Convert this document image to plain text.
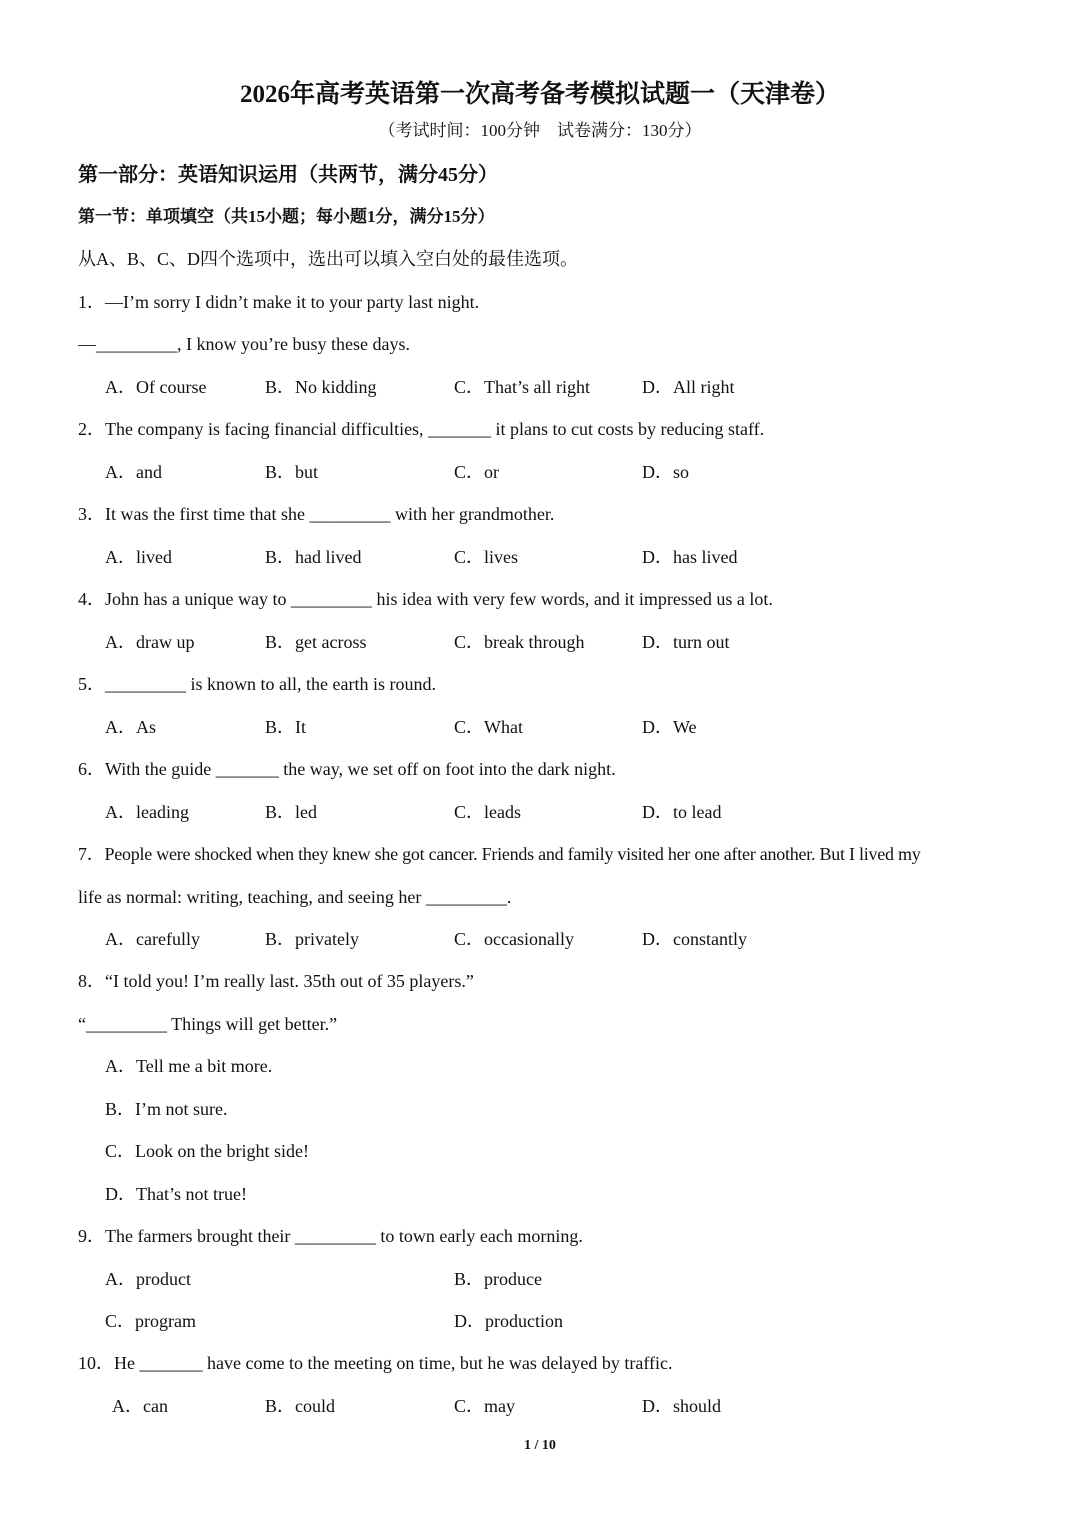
2026年高考英语第一次高考备考模拟试题一（天津卷）
（考试时间：100分钟　试卷满分：130分）
第一部分：英语知识运用（共两节，满分45分）
第一节：单项填空（共15小题；每小题1分，满分15分）
从A、B、C、D四个选项中，选出可以填入空白处的最佳选项。
1．—I’m sorry I didn’t make it to your party last night.
—_________, I know you’re busy these days.
A．Of course	B．No kidding	C．That’s all right	D．All right
2．The company is facing financial difficulties, _______ it plans to cut costs by reducing staff.
A．and	B．but	C．or	D．so
3．It was the first time that she _________ with her grandmother.
A．lived	B．had lived	C．lives	D．has lived
4．John has a unique way to _________ his idea with very few words, and it impressed us a lot.
A．draw up	B．get across	C．break through	D．turn out
5．_________ is known to all, the earth is round.
A．As	B．It	C．What	D．We
6．With the guide _______ the way, we set off on foot into the dark night.
A．leading	B．led	C．leads	D．to lead
7．People were shocked when they knew she got cancer. Friends and family visited her one after another. But I lived my
life as normal: writing, teaching, and seeing her _________.
A．carefully	B．privately	C．occasionally	D．constantly
8．“I told you! I’m really last. 35th out of 35 players.”
“_________ Things will get better.”
A．Tell me a bit more.
B．I’m not sure.
C．Look on the bright side!
D．That’s not true!
9．The farmers brought their _________ to town early each morning.
A．product	B．produce
C．program	D．production
10．He _______ have come to the meeting on time, but he was delayed by traffic.
A．can	B．could	C．may	D．should
1 / 10
